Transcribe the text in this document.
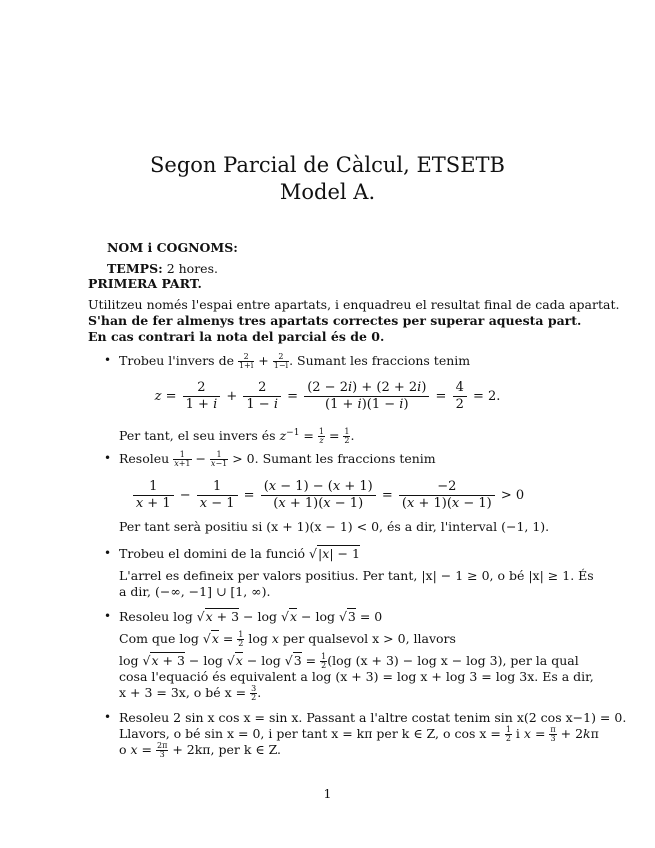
Segon Parcial de Càlcul, ETSETB
Model A.
NOM i COGNOMS:
TEMPS: 2 hores.
PRIMERA PART.
Utilitzeu només l'espai entre apartats, i enquadreu el resultat final de cada apartat.
S'han de fer almenys tres apartats correctes per superar aquesta part.
En cas contrari la nota del parcial és de 0.
• Trobeu l'invers de $\frac{2}{1+i} + \frac{2}{1-i}$ . Sumant les fraccions tenim
$z = \frac{2}{1 + i} + \frac{2}{1 - i} = \frac{(2 - 2i) + (2 + 2i)}{(1 + i)(1 - i)} = \frac{4}{2} = 2$.
Per tant, el seu invers és $z^{-1} = \frac{1}{z} = \frac{1}{2}$ .
• Resoleu $\frac{1}{x+1} - \frac{1}{x-1} > 0$. Sumant les fraccions tenim
$\frac{1}{x + 1} - \frac{1}{x - 1} = \frac{(x - 1) - (x + 1)}{(x + 1)(x - 1)} = \frac{-2}{(x + 1)(x - 1)} > 0$
Per tant serà positiu si (x + 1)(x − 1) < 0, és a dir, l'interval (−1, 1).
• Trobeu el domini de la funció √|x| − 1
L'arrel es defineix per valors positius. Per tant, |x| − 1 ≥ 0, o bé |x| ≥ 1. És
a dir, (−∞, −1] ∪ [1, ∞).
• Resoleu log √x + 3 − log √x − log √3 = 0
Com que $\log √x = \frac{1}{2}$ log x per qualsevol x > 0, llavors
$\log √x + 3 - \log √x - \log √3 = \frac{1}{2} (\log$ (x + 3) − log x − log 3), per la qual
cosa l'equació és equivalent a log (x + 3) = log x + log 3 = log 3x. Es a dir,
x + 3 = 3x, o bé $x = \frac{3}{2}$ .
• Resoleu 2 sin x cos x = sin x. Passant a l'altre costat tenim sin x(2 cos x−1) = 0.
Llavors, o bé sin x = 0, i per tant x = kπ per k ∈ Z, o $\cos x = \frac{1}{2}$ i $x = \frac{\pi}{3} + 2k\pi$
o $x = \frac{2\pi}{3} + 2k\pi$, per k ∈ Z.
1
